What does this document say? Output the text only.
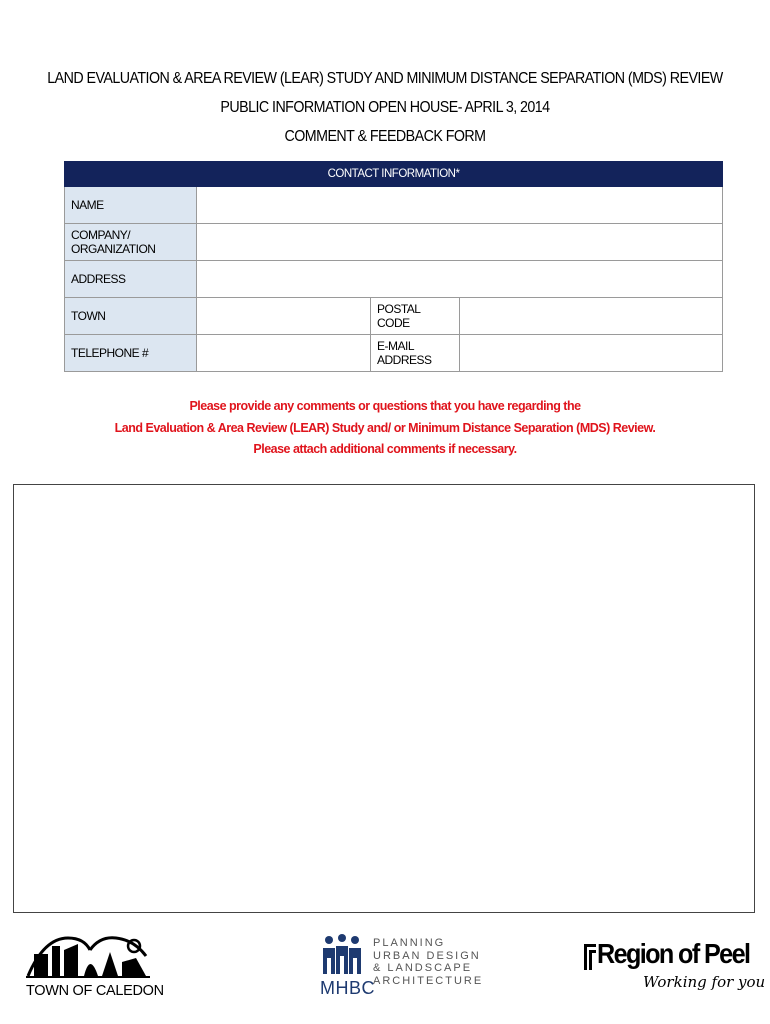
LAND EVALUATION & AREA REVIEW (LEAR) STUDY AND MINIMUM DISTANCE SEPARATION (MDS) REVIEW
PUBLIC INFORMATION OPEN HOUSE- APRIL 3, 2014
COMMENT & FEEDBACK FORM
CONTACT INFORMATION*			
NAME			
COMPANY/ ORGANIZATION			
ADDRESS			
TOWN		POSTAL CODE	
TELEPHONE #		E-MAIL ADDRESS	
Please provide any comments or questions that you have regarding the
Land Evaluation & Area Review (LEAR) Study and/ or Minimum Distance Separation (MDS) Review.
Please attach additional comments if necessary.
TOWN OF CALEDON	MHBC
PLANNING
URBAN DESIGN
& LANDSCAPE
ARCHITECTURE
Region of Peel
Working for you
